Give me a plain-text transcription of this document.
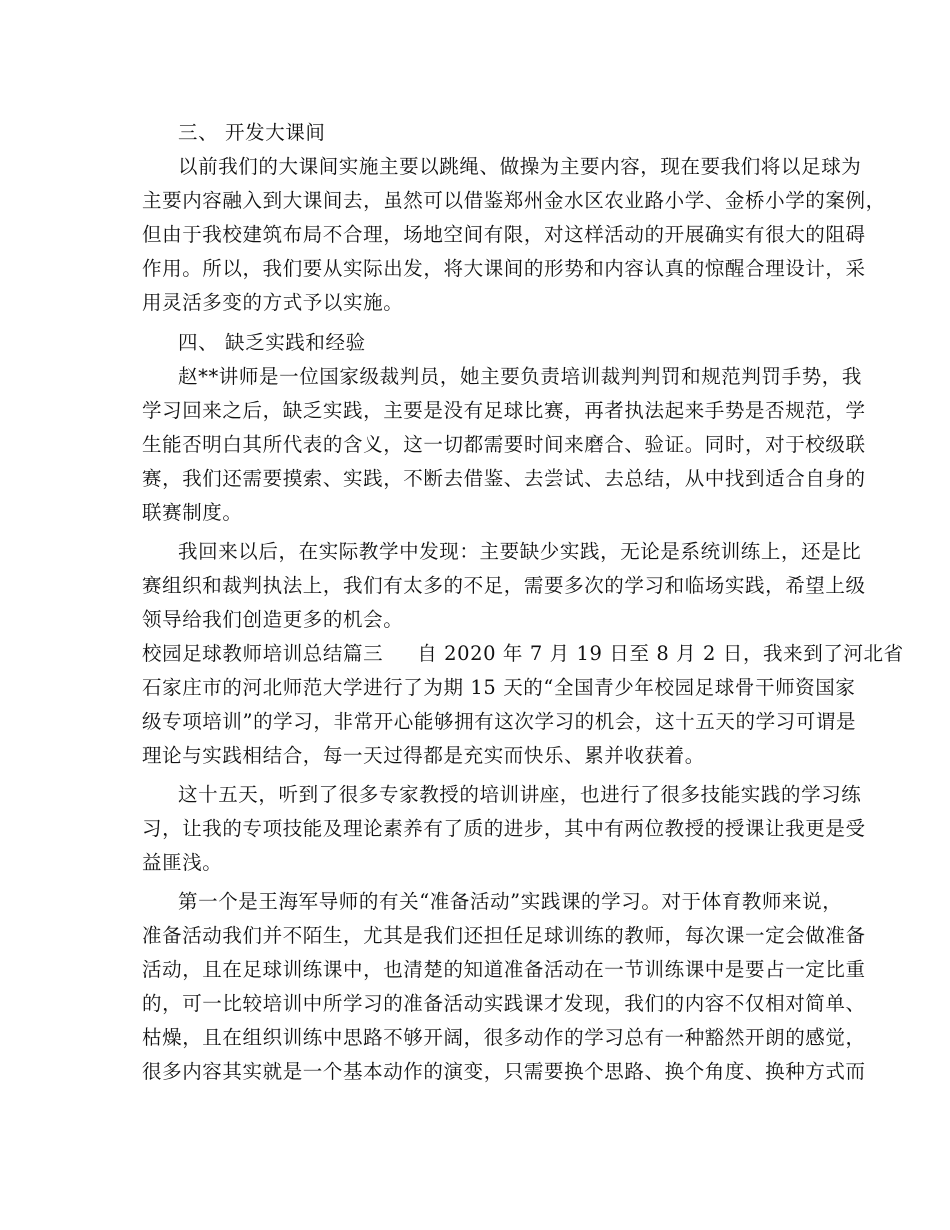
三、 开发大课间
以前我们的大课间实施主要以跳绳、做操为主要内容，现在要我们将以足球为
主要内容融入到大课间去，虽然可以借鉴郑州金水区农业路小学、金桥小学的案例，
但由于我校建筑布局不合理，场地空间有限，对这样活动的开展确实有很大的阻碍
作用。所以，我们要从实际出发，将大课间的形势和内容认真的惊醒合理设计，采
用灵活多变的方式予以实施。
四、 缺乏实践和经验
赵**讲师是一位国家级裁判员，她主要负责培训裁判判罚和规范判罚手势，我
学习回来之后，缺乏实践，主要是没有足球比赛，再者执法起来手势是否规范，学
生能否明白其所代表的含义，这一切都需要时间来磨合、验证。同时，对于校级联
赛，我们还需要摸索、实践，不断去借鉴、去尝试、去总结，从中找到适合自身的
联赛制度。
我回来以后，在实际教学中发现：主要缺少实践，无论是系统训练上，还是比
赛组织和裁判执法上，我们有太多的不足，需要多次的学习和临场实践，希望上级
领导给我们创造更多的机会。
校园足球教师培训总结篇三 自 2020 年 7 月 19 日至 8 月 2 日，我来到了河北省
石家庄市的河北师范大学进行了为期 15 天的“全国青少年校园足球骨干师资国家
级专项培训”的学习，非常开心能够拥有这次学习的机会，这十五天的学习可谓是
理论与实践相结合，每一天过得都是充实而快乐、累并收获着。
这十五天，听到了很多专家教授的培训讲座，也进行了很多技能实践的学习练
习，让我的专项技能及理论素养有了质的进步，其中有两位教授的授课让我更是受
益匪浅。
第一个是王海军导师的有关“准备活动”实践课的学习。对于体育教师来说，
准备活动我们并不陌生，尤其是我们还担任足球训练的教师，每次课一定会做准备
活动，且在足球训练课中，也清楚的知道准备活动在一节训练课中是要占一定比重
的，可一比较培训中所学习的准备活动实践课才发现，我们的内容不仅相对简单、
枯燥，且在组织训练中思路不够开阔，很多动作的学习总有一种豁然开朗的感觉，
很多内容其实就是一个基本动作的演变，只需要换个思路、换个角度、换种方式而
